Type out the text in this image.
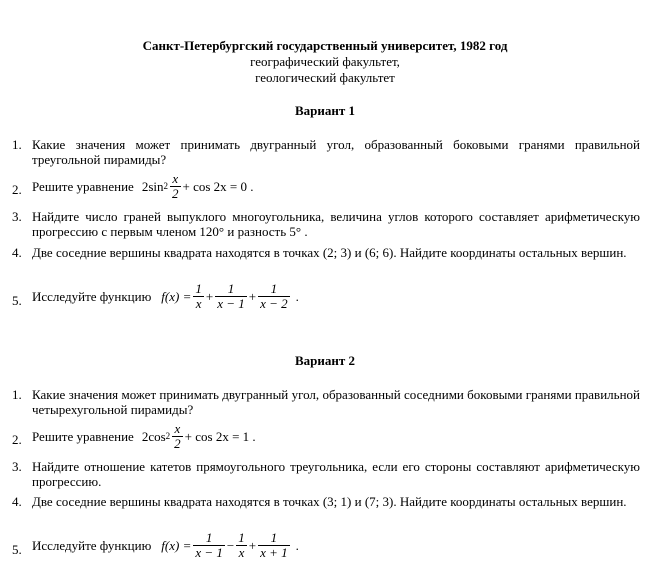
Санкт-Петербургский государственный университет, 1982 год
географический факультет,
геологический факультет
Вариант 1
1. Какие значения может принимать двугранный угол, образованный боковыми гранями правильной треугольной пирамиды?
2. Решите уравнение 2sin $2 \frac{x}{2} + \cos 2x = 0$ .
3. Найдите число граней выпуклого многоугольника, величина углов которого составляет арифметическую прогрессию с первым членом 120° и разность 5° .
4. Две соседние вершины квадрата находятся в точках (2; 3) и (6; 6). Найдите координаты остальных вершин.
5. Исследуйте функцию $f(x) = \frac{1}{x} + \frac{1}{x - 1} + \frac{1}{x - 2}$ .
Вариант 2
1. Какие значения может принимать двугранный угол, образованный соседними боковыми гранями правильной четырехугольной пирамиды?
2. Решите уравнение 2cos $2 \frac{x}{2} + \cos 2x = 1$ .
3. Найдите отношение катетов прямоугольного треугольника, если его стороны составляют арифметическую прогрессию.
4. Две соседние вершины квадрата находятся в точках (3; 1) и (7; 3). Найдите координаты остальных вершин.
5. Исследуйте функцию $f(x) = \frac{1}{x - 1} - \frac{1}{x} + \frac{1}{x + 1}$ .
